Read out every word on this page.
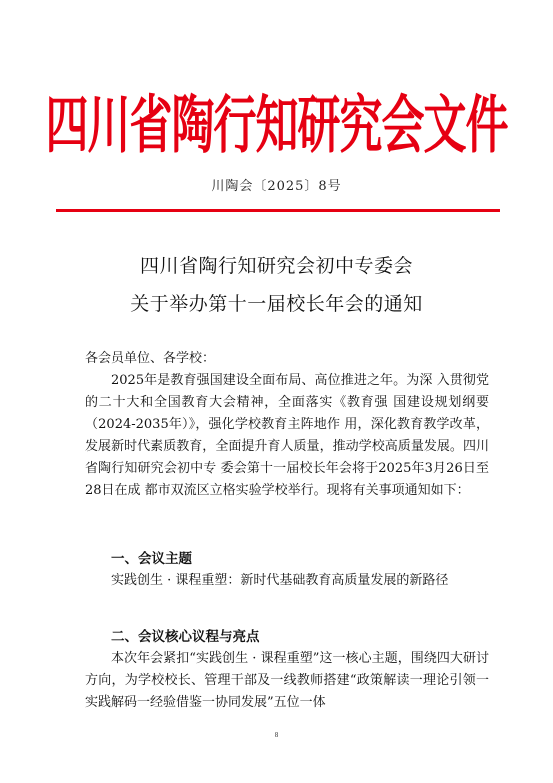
四川省陶行知研究会文件
川陶会〔2025〕8号
四川省陶行知研究会初中专委会
关于举办第十一届校长年会的通知
各会员单位、各学校：

2025年是教育强国建设全面布局、高位推进之年。为深 入贯彻党的二十大和全国教育大会精神，全面落实《教育强 国建设规划纲要（2024-2035年）》，强化学校教育主阵地作 用，深化教育教学改革，发展新时代素质教育，全面提升育人质量，推动学校高质量发展。四川省陶行知研究会初中专 委会第十一届校长年会将于2025年3月26日至28日在成 都市双流区立格实验学校举行。现将有关事项通知如下：

一、会议主题

实践创生 · 课程重塑：新时代基础教育高质量发展的新路径

二、会议核心议程与亮点

本次年会紧扣“实践创生 · 课程重塑”这一核心主题，围绕四大研讨方向，为学校校长、管理干部及一线教师搭建“政策解读一理论引领一实践解码一经验借鉴一协同发展”五位一体

8
